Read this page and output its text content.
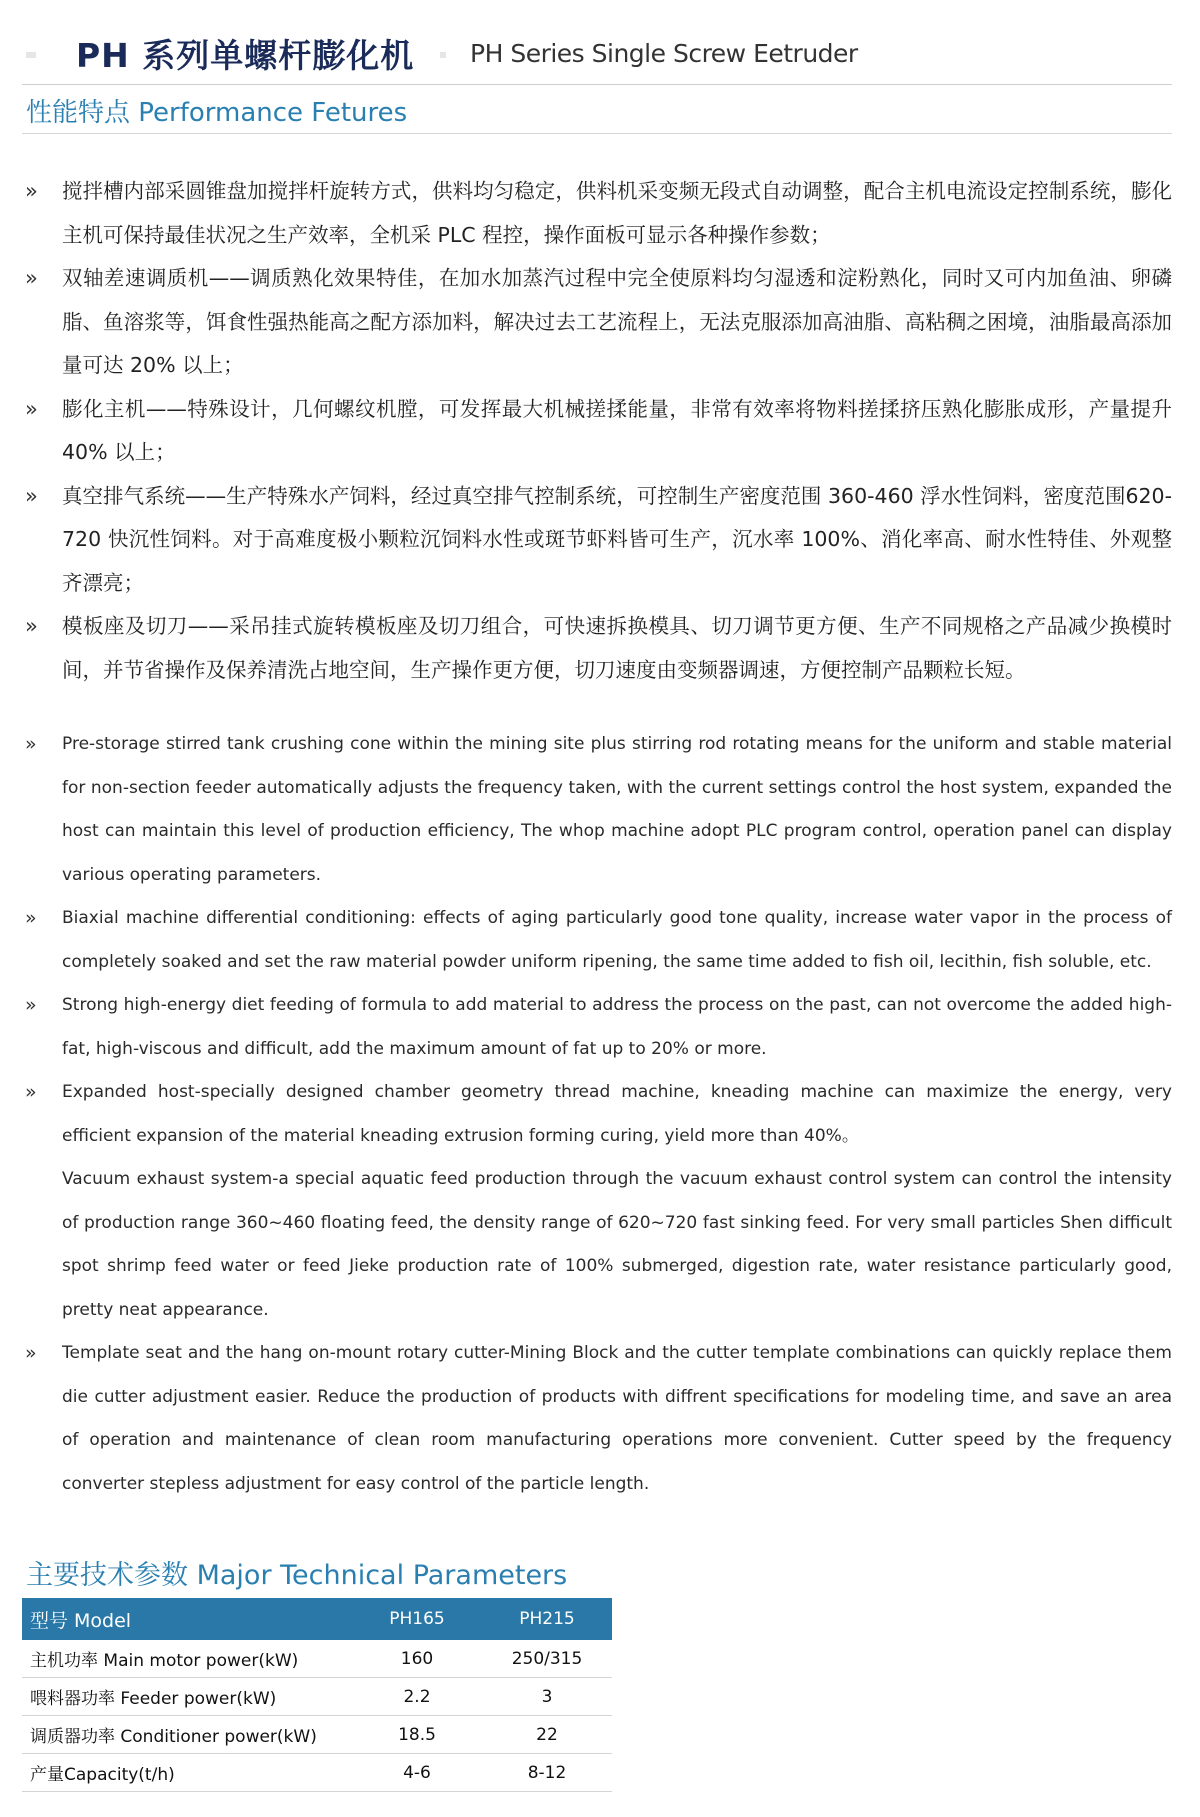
PH 系列单螺杆膨化机 PH Series Single Screw Eetruder
性能特点 Performance Fetures
» 搅拌槽内部采圆锥盘加搅拌杆旋转方式，供料均匀稳定，供料机采变频无段式自动调整，配合主机电流设定控制系统，膨化主机可保持最佳状况之生产效率，全机采 PLC 程控，操作面板可显示各种操作参数；
» 双轴差速调质机——调质熟化效果特佳，在加水加蒸汽过程中完全使原料均匀湿透和淀粉熟化，同时又可内加鱼油、卵磷脂、鱼溶浆等，饵食性强热能高之配方添加料，解决过去工艺流程上，无法克服添加高油脂、高粘稠之困境，油脂最高添加量可达 20% 以上；
» 膨化主机——特殊设计，几何螺纹机膛，可发挥最大机械搓揉能量，非常有效率将物料搓揉挤压熟化膨胀成形，产量提升 40% 以上；
» 真空排气系统——生产特殊水产饲料，经过真空排气控制系统，可控制生产密度范围 360-460 浮水性饲料，密度范围620-720 快沉性饲料。对于高难度极小颗粒沉饲料水性或斑节虾料皆可生产，沉水率 100%、消化率高、耐水性特佳、外观整齐漂亮；
» 模板座及切刀——采吊挂式旋转模板座及切刀组合，可快速拆换模具、切刀调节更方便、生产不同规格之产品减少换模时间，并节省操作及保养清洗占地空间，生产操作更方便，切刀速度由变频器调速，方便控制产品颗粒长短。
» Pre-storage stirred tank crushing cone within the mining site plus stirring rod rotating means for the uniform and stable material for non-section feeder automatically adjusts the frequency taken, with the current settings control the host system, expanded the host can maintain this level of production efficiency, The whop machine adopt PLC program control, operation panel can display various operating parameters.
» Biaxial machine differential conditioning: effects of aging particularly good tone quality, increase water vapor in the process of completely soaked and set the raw material powder uniform ripening, the same time added to fish oil, lecithin, fish soluble, etc.
» Strong high-energy diet feeding of formula to add material to address the process on the past, can not overcome the added high-fat, high-viscous and difficult, add the maximum amount of fat up to 20% or more.
» Expanded host-specially designed chamber geometry thread machine, kneading machine can maximize the energy, very efficient expansion of the material kneading extrusion forming curing, yield more than 40%。
Vacuum exhaust system-a special aquatic feed production through the vacuum exhaust control system can control the intensity of production range 360~460 floating feed, the density range of 620~720 fast sinking feed. For very small particles Shen difficult spot shrimp feed water or feed Jieke production rate of 100% submerged, digestion rate, water resistance particularly good, pretty neat appearance.
» Template seat and the hang on-mount rotary cutter-Mining Block and the cutter template combinations can quickly replace them die cutter adjustment easier. Reduce the production of products with diffrent specifications for modeling time, and save an area of operation and maintenance of clean room manufacturing operations more convenient. Cutter speed by the frequency converter stepless adjustment for easy control of the particle length.
主要技术参数 Major Technical Parameters
型号 Model	PH165	PH215
主机功率 Main motor power(kW)	160	250/315
喂料器功率 Feeder power(kW)	2.2	3
调质器功率 Conditioner power(kW)	18.5	22
产量Capacity(t/h)	4-6	8-12
